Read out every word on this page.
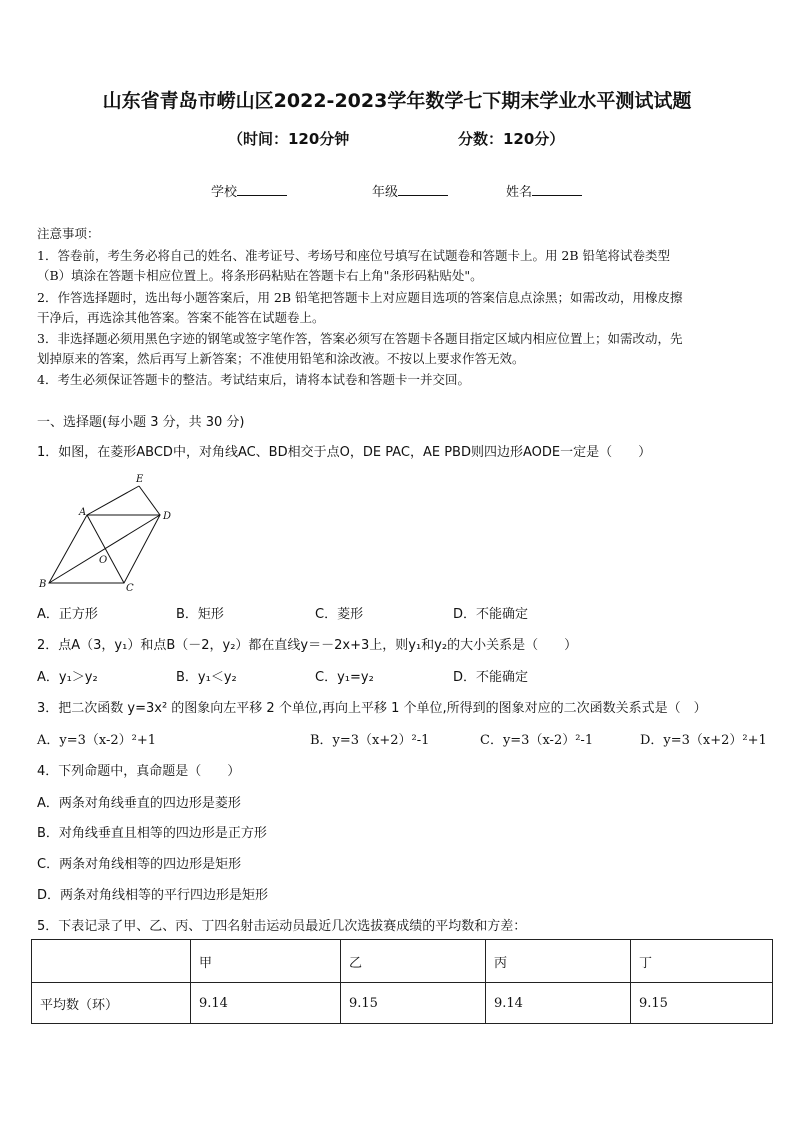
山东省青岛市崂山区2022-2023学年数学七下期末学业水平测试试题
（时间：120分钟	分数：120分）
学校	年级	姓名
注意事项：
1．答卷前，考生务必将自己的姓名、准考证号、考场号和座位号填写在试题卷和答题卡上。用 2B 铅笔将试卷类型
（B）填涂在答题卡相应位置上。将条形码粘贴在答题卡右上角"条形码粘贴处"。
2．作答选择题时，选出每小题答案后，用 2B 铅笔把答题卡上对应题目选项的答案信息点涂黑；如需改动，用橡皮擦
干净后，再选涂其他答案。答案不能答在试题卷上。
3．非选择题必须用黑色字迹的钢笔或签字笔作答，答案必须写在答题卡各题目指定区域内相应位置上；如需改动，先
划掉原来的答案，然后再写上新答案；不准使用铅笔和涂改液。不按以上要求作答无效。
4．考生必须保证答题卡的整洁。考试结束后，请将本试卷和答题卡一并交回。
一、选择题(每小题 3 分，共 30 分)
1．如图，在菱形ABCD中，对角线AC、BD相交于点O，DE PAC，AE PBD则四边形AODE一定是（　　）
A
B	C
D
E
O
A．正方形	B．矩形	C．菱形	D．不能确定
2．点A（3，y₁）和点B（－2，y₂）都在直线y＝－2x+3上，则y₁和y₂的大小关系是（　　）
A．y₁＞y₂	B．y₁＜y₂	C．y₁=y₂	D．不能确定
3．把二次函数 y=3x² 的图象向左平移 2 个单位,再向上平移 1 个单位,所得到的图象对应的二次函数关系式是（　）
A．y=3（x-2）²+1	B．y=3（x+2）²-1	C．y=3（x-2）²-1	D．y=3（x+2）²+1
4．下列命题中，真命题是（　　）
A．两条对角线垂直的四边形是菱形
B．对角线垂直且相等的四边形是正方形
C．两条对角线相等的四边形是矩形
D．两条对角线相等的平行四边形是矩形
5．下表记录了甲、乙、丙、丁四名射击运动员最近几次选拔赛成绩的平均数和方差：
	甲	乙	丙	丁
平均数（环）	9.14	9.15	9.14	9.15
